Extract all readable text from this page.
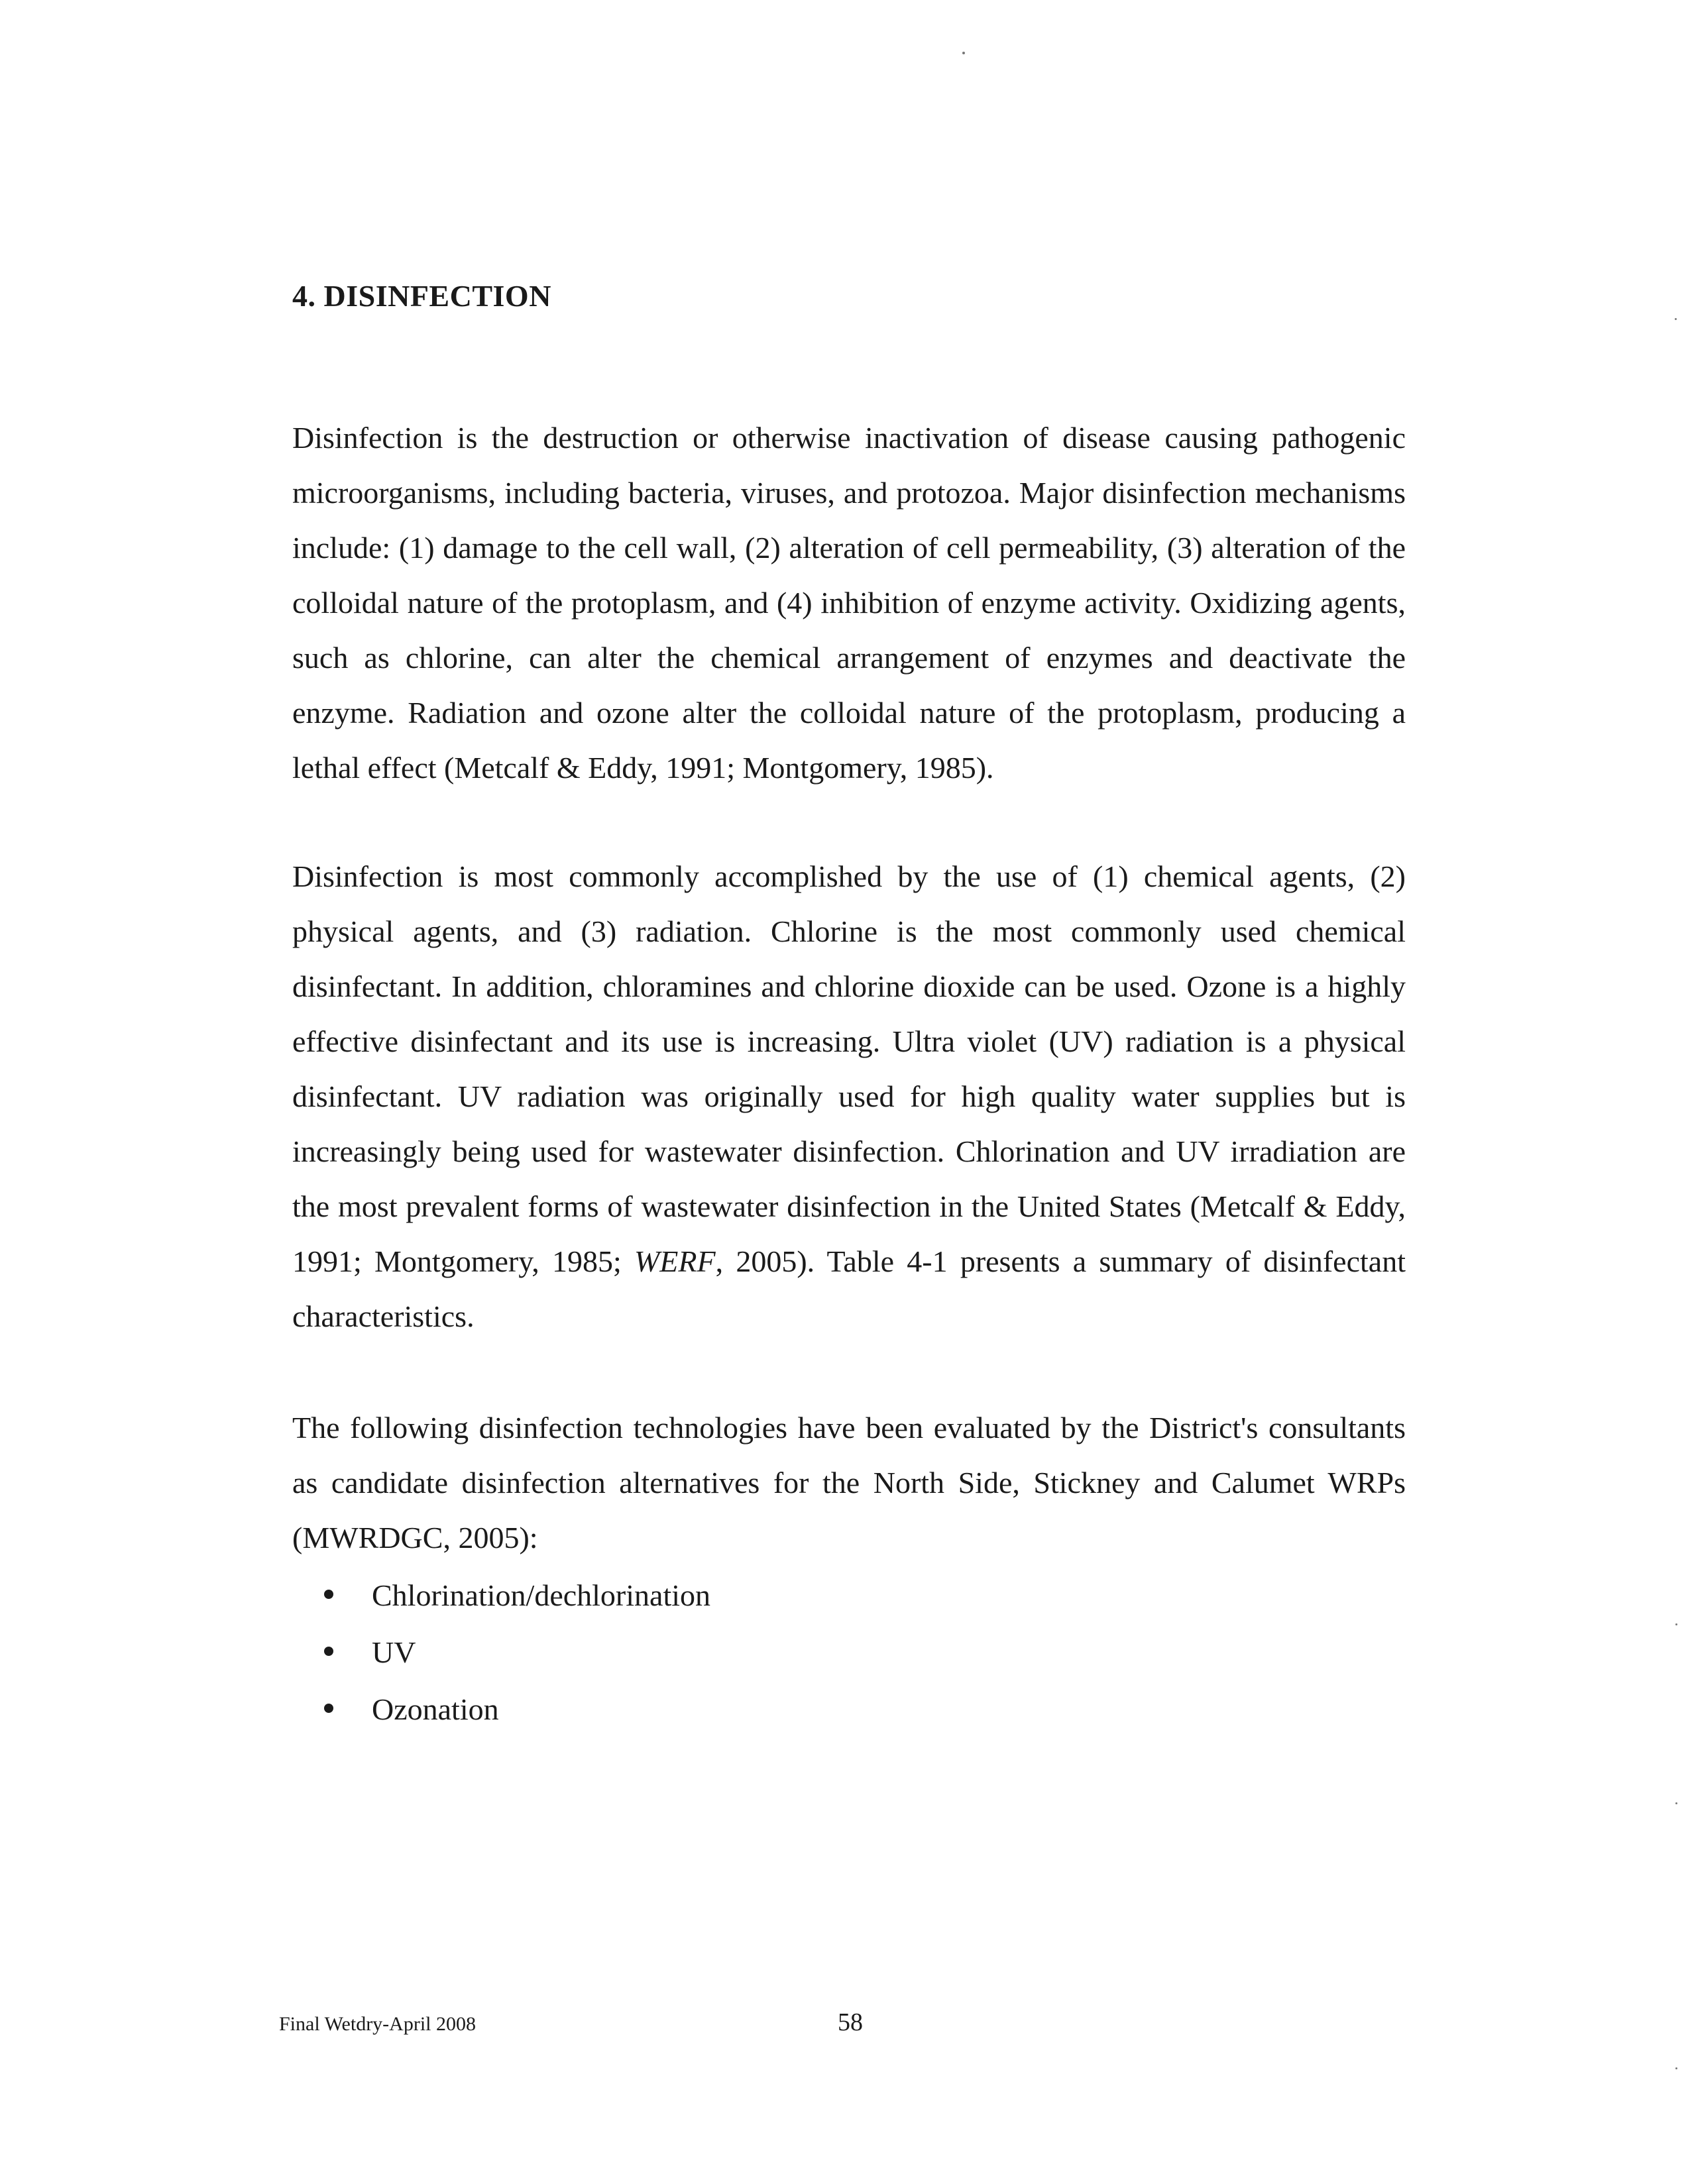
4. DISINFECTION

Disinfection is the destruction or otherwise inactivation of disease causing pathogenic microorganisms, including bacteria, viruses, and protozoa. Major disinfection mechanisms include: (1) damage to the cell wall, (2) alteration of cell permeability, (3) alteration of the colloidal nature of the protoplasm, and (4) inhibition of enzyme activity. Oxidizing agents, such as chlorine, can alter the chemical arrangement of enzymes and deactivate the enzyme. Radiation and ozone alter the colloidal nature of the protoplasm, producing a lethal effect (Metcalf & Eddy, 1991; Montgomery, 1985).

Disinfection is most commonly accomplished by the use of (1) chemical agents, (2) physical agents, and (3) radiation. Chlorine is the most commonly used chemical disinfectant. In addition, chloramines and chlorine dioxide can be used. Ozone is a highly effective disinfectant and its use is increasing. Ultra violet (UV) radiation is a physical disinfectant. UV radiation was originally used for high quality water supplies but is increasingly being used for wastewater disinfection. Chlorination and UV irradiation are the most prevalent forms of wastewater disinfection in the United States (Metcalf & Eddy, 1991; Montgomery, 1985; WERF, 2005). Table 4-1 presents a summary of disinfectant characteristics.

The following disinfection technologies have been evaluated by the District's consultants as candidate disinfection alternatives for the North Side, Stickney and Calumet WRPs (MWRDGC, 2005):

Chlorination/dechlorination
UV
Ozonation
Final Wetdry-April 2008	58
